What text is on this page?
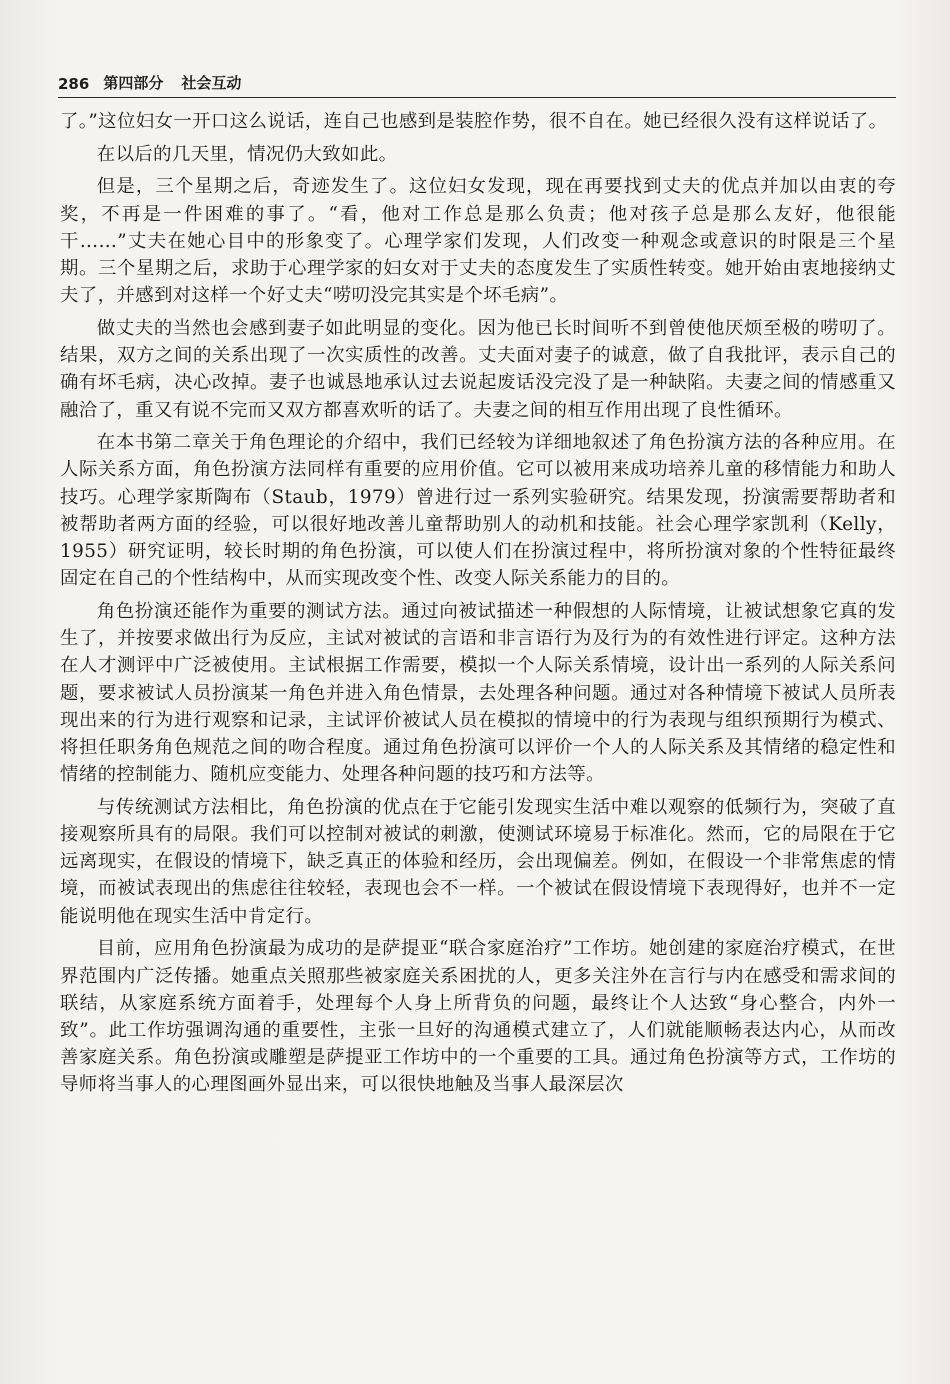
286 第四部分 社会互动

了。”这位妇女一开口这么说话，连自己也感到是装腔作势，很不自在。她已经很久没有这样说话了。

在以后的几天里，情况仍大致如此。

但是，三个星期之后，奇迹发生了。这位妇女发现，现在再要找到丈夫的优点并加以由衷的夸奖，不再是一件困难的事了。“看，他对工作总是那么负责；他对孩子总是那么友好，他很能干……”丈夫在她心目中的形象变了。心理学家们发现，人们改变一种观念或意识的时限是三个星期。三个星期之后，求助于心理学家的妇女对于丈夫的态度发生了实质性转变。她开始由衷地接纳丈夫了，并感到对这样一个好丈夫“唠叨没完其实是个坏毛病”。

做丈夫的当然也会感到妻子如此明显的变化。因为他已长时间听不到曾使他厌烦至极的唠叨了。结果，双方之间的关系出现了一次实质性的改善。丈夫面对妻子的诚意，做了自我批评，表示自己的确有坏毛病，决心改掉。妻子也诚恳地承认过去说起废话没完没了是一种缺陷。夫妻之间的情感重又融洽了，重又有说不完而又双方都喜欢听的话了。夫妻之间的相互作用出现了良性循环。

在本书第二章关于角色理论的介绍中，我们已经较为详细地叙述了角色扮演方法的各种应用。在人际关系方面，角色扮演方法同样有重要的应用价值。它可以被用来成功培养儿童的移情能力和助人技巧。心理学家斯陶布（Staub，1979）曾进行过一系列实验研究。结果发现，扮演需要帮助者和被帮助者两方面的经验，可以很好地改善儿童帮助别人的动机和技能。社会心理学家凯利（Kelly，1955）研究证明，较长时期的角色扮演，可以使人们在扮演过程中，将所扮演对象的个性特征最终固定在自己的个性结构中，从而实现改变个性、改变人际关系能力的目的。

角色扮演还能作为重要的测试方法。通过向被试描述一种假想的人际情境，让被试想象它真的发生了，并按要求做出行为反应，主试对被试的言语和非言语行为及行为的有效性进行评定。这种方法在人才测评中广泛被使用。主试根据工作需要，模拟一个人际关系情境，设计出一系列的人际关系问题，要求被试人员扮演某一角色并进入角色情景，去处理各种问题。通过对各种情境下被试人员所表现出来的行为进行观察和记录，主试评价被试人员在模拟的情境中的行为表现与组织预期行为模式、将担任职务角色规范之间的吻合程度。通过角色扮演可以评价一个人的人际关系及其情绪的稳定性和情绪的控制能力、随机应变能力、处理各种问题的技巧和方法等。

与传统测试方法相比，角色扮演的优点在于它能引发现实生活中难以观察的低频行为，突破了直接观察所具有的局限。我们可以控制对被试的刺激，使测试环境易于标准化。然而，它的局限在于它远离现实，在假设的情境下，缺乏真正的体验和经历，会出现偏差。例如，在假设一个非常焦虑的情境，而被试表现出的焦虑往往较轻，表现也会不一样。一个被试在假设情境下表现得好，也并不一定能说明他在现实生活中肯定行。

目前，应用角色扮演最为成功的是萨提亚“联合家庭治疗”工作坊。她创建的家庭治疗模式，在世界范围内广泛传播。她重点关照那些被家庭关系困扰的人，更多关注外在言行与内在感受和需求间的联结，从家庭系统方面着手，处理每个人身上所背负的问题，最终让个人达致“身心整合，内外一致”。此工作坊强调沟通的重要性，主张一旦好的沟通模式建立了，人们就能顺畅表达内心，从而改善家庭关系。角色扮演或雕塑是萨提亚工作坊中的一个重要的工具。通过角色扮演等方式，工作坊的导师将当事人的心理图画外显出来，可以很快地触及当事人最深层次
